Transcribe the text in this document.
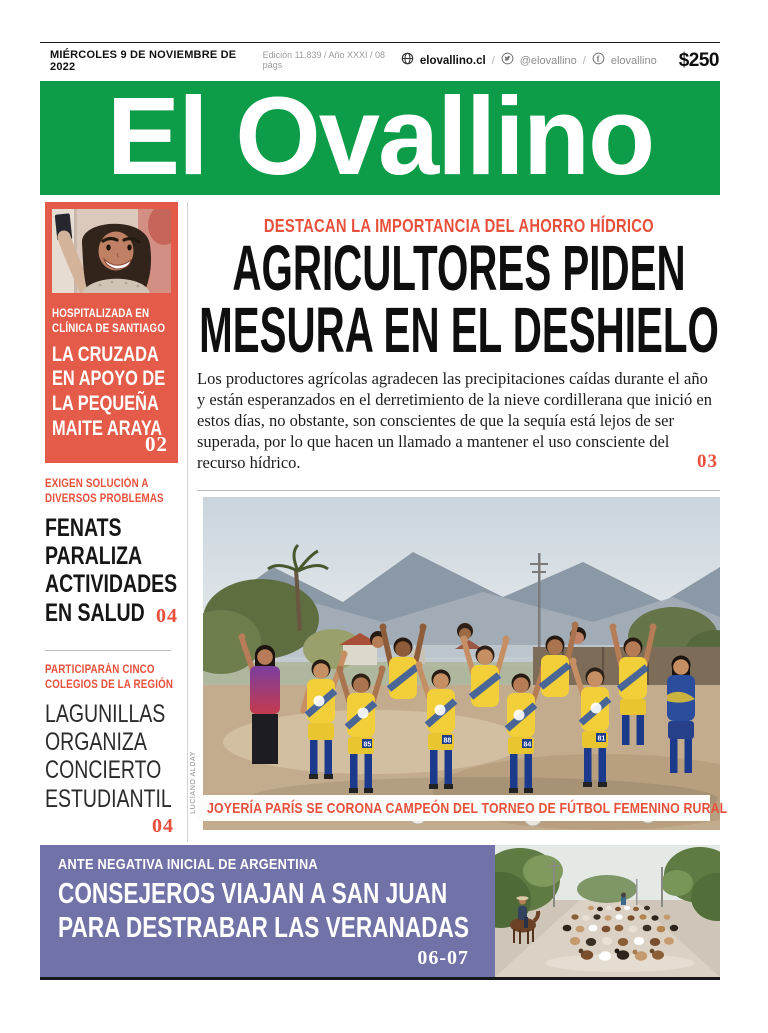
MIÉRCOLES 9 DE NOVIEMBRE DE 2022
Edición 11.839 / Año XXXI / 08 págs	elovallino.cl / @elovallino / f elovallino $250
El Ovallino
HOSPITALIZADA EN CLÍNICA DE SANTIAGO
LA CRUZADA EN APOYO DE LA PEQUEÑA MAITE ARAYA
02
EXIGEN SOLUCIÓN A DIVERSOS PROBLEMAS
FENATS PARALIZA ACTIVIDADES EN SALUD 04
PARTICIPARÁN CINCO COLEGIOS DE LA REGIÓN
LAGUNILLAS ORGANIZA CONCIERTO ESTUDIANTIL
04
DESTACAN LA IMPORTANCIA DEL AHORRO HÍDRICO
AGRICULTORES PIDEN
MESURA EN EL DESHIELO
Los productores agrícolas agradecen las precipitaciones caídas durante el año y están esperanzados en el derretimiento de la nieve cordillerana que inició en estos días, no obstante, son conscientes de que la sequía está lejos de ser superada, por lo que hacen un llamado a mantener el uso consciente del recurso hídrico.	03
85
88
84
81
LUCIANO ALDAY JOYERÍA PARÍS SE CORONA CAMPEÓN DEL TORNEO DE FÚTBOL FEMENINO RURAL
ANTE NEGATIVA INICIAL DE ARGENTINA
CONSEJEROS VIAJAN A SAN JUAN
PARA DESTRABAR LAS VERANADAS
06-07
